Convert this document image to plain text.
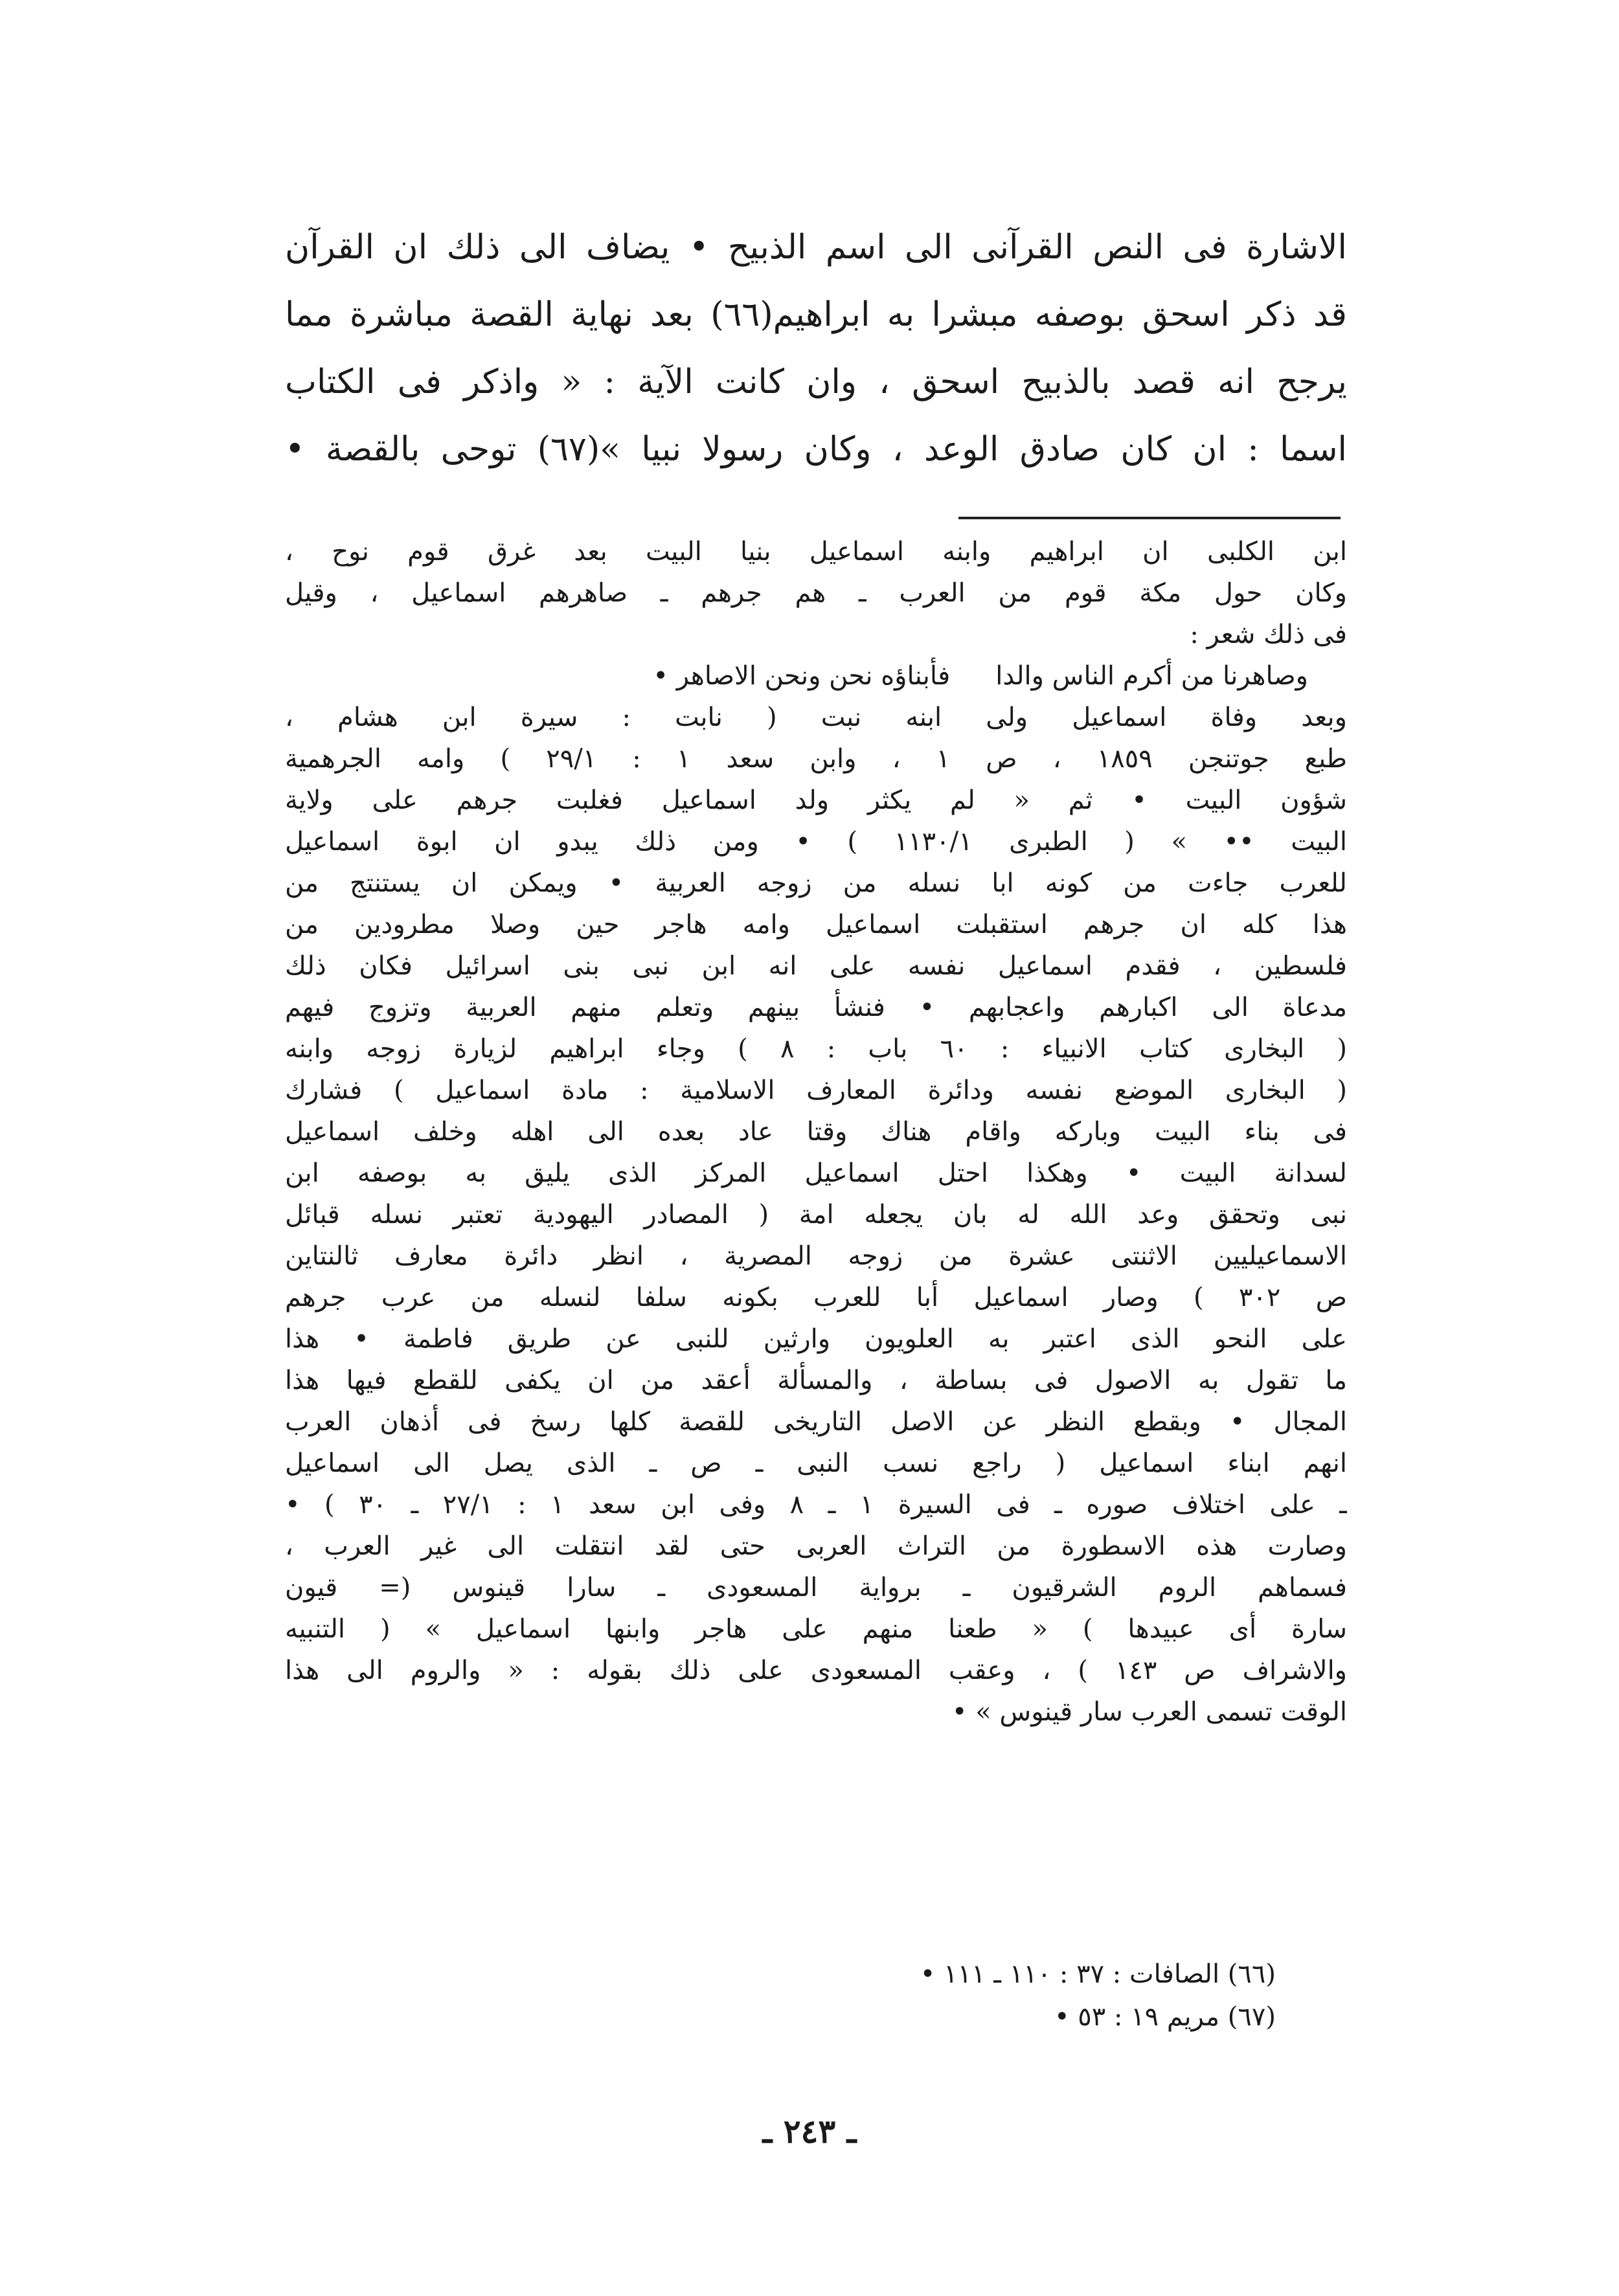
الاشارة فى النص القرآنى الى اسم الذبيح • يضاف الى ذلك ان القرآن

قد ذكر اسحق بوصفه مبشرا به ابراهيم(٦٦) بعد نهاية القصة مباشرة مما

يرجح انه قصد بالذبيح اسحق ، وان كانت الآية : « واذكر فى الكتاب

اسما : ان كان صادق الوعد ، وكان رسولا نبيا »(٦٧) توحى بالقصة •

ابن الكلبى ان ابراهيم وابنه اسماعيل بنيا البيت بعد غرق قوم نوح ،
وكان حول مكة قوم من العرب ـ هم جرهم ـ صاهرهم اسماعيل ، وقيل
فى ذلك شعر :
وصاهرنا من أكرم الناس والدا
فأبناؤه نحن ونحن الاصاهر •
وبعد وفاة اسماعيل ولى ابنه نبت ( نابت : سيرة ابن هشام ،
طبع جوتنجن ١٨٥٩ ، ص ١ ، وابن سعد ١ : ٢٩/١ ) وامه الجرهمية
شؤون البيت • ثم « لم يكثر ولد اسماعيل فغلبت جرهم على ولاية
البيت •• » ( الطبرى ١١٣٠/١ ) • ومن ذلك يبدو ان ابوة اسماعيل
للعرب جاءت من كونه ابا نسله من زوجه العربية • ويمكن ان يستنتج من
هذا كله ان جرهم استقبلت اسماعيل وامه هاجر حين وصلا مطرودين من
فلسطين ، فقدم اسماعيل نفسه على انه ابن نبى بنى اسرائيل فكان ذلك
مدعاة الى اكبارهم واعجابهم • فنشأ بينهم وتعلم منهم العربية وتزوج فيهم
( البخارى كتاب الانبياء : ٦٠ باب : ٨ ) وجاء ابراهيم لزيارة زوجه وابنه
( البخارى الموضع نفسه ودائرة المعارف الاسلامية : مادة اسماعيل ) فشارك
فى بناء البيت وباركه واقام هناك وقتا عاد بعده الى اهله وخلف اسماعيل
لسدانة البيت • وهكذا احتل اسماعيل المركز الذى يليق به بوصفه ابن
نبى وتحقق وعد الله له بان يجعله امة ( المصادر اليهودية تعتبر نسله قبائل
الاسماعيليين الاثنتى عشرة من زوجه المصرية ، انظر دائرة معارف ثالنتاين
ص ٣٠٢ ) وصار اسماعيل أبا للعرب بكونه سلفا لنسله من عرب جرهم
على النحو الذى اعتبر به العلويون وارثين للنبى عن طريق فاطمة • هذا
ما تقول به الاصول فى بساطة ، والمسألة أعقد من ان يكفى للقطع فيها هذا
المجال • وبقطع النظر عن الاصل التاريخى للقصة كلها رسخ فى أذهان العرب
انهم ابناء اسماعيل ( راجع نسب النبى ـ ص ـ الذى يصل الى اسماعيل
ـ على اختلاف صوره ـ فى السيرة ١ ـ ٨ وفى ابن سعد ١ : ٢٧/١ ـ ٣٠ ) •
وصارت هذه الاسطورة من التراث العربى حتى لقد انتقلت الى غير العرب ،
فسماهم الروم الشرقيون ـ برواية المسعودى ـ سارا قينوس (= قيون
سارة أى عبيدها ) « طعنا منهم على هاجر وابنها اسماعيل » ( التنبيه
والاشراف ص ١٤٣ ) ، وعقب المسعودى على ذلك بقوله : « والروم الى هذا
الوقت تسمى العرب سار قينوس » •
(٦٦) الصافات : ٣٧ : ١١٠ ـ ١١١ •
(٦٧) مريم ١٩ : ٥٣ •
ـ ٢٤٣ ـ
